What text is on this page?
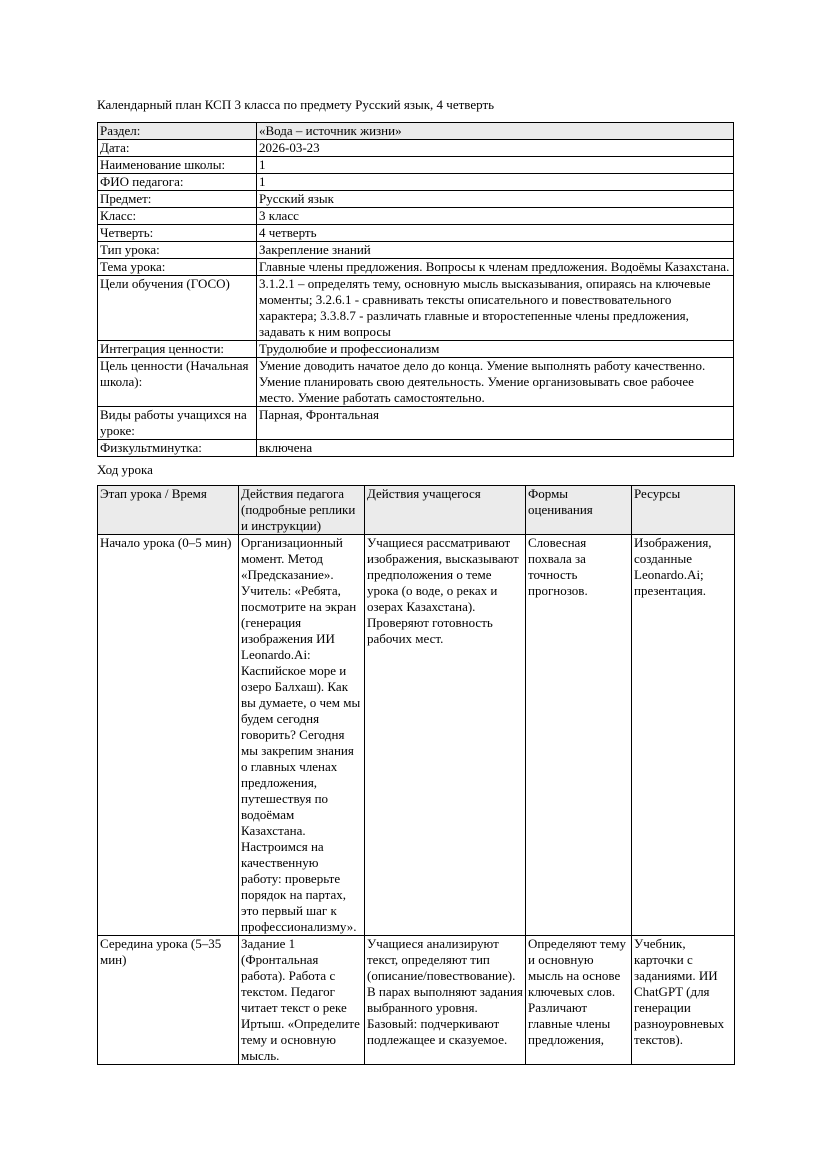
Календарный план КСП 3 класса по предмету Русский язык, 4 четверть

Раздел:	«Вода – источник жизни»
Дата:	2026-03-23
Наименование школы:	1
ФИО педагога:	1
Предмет:	Русский язык
Класс:	3 класс
Четверть:	4 четверть
Тип урока:	Закрепление знаний
Тема урока:	Главные члены предложения. Вопросы к членам предложения. Водоёмы Казахстана.
Цели обучения (ГОСО)	3.1.2.1 – определять тему, основную мысль высказывания, опираясь на ключевые моменты; 3.2.6.1 - сравнивать тексты описательного и повествовательного характера; 3.3.8.7 - различать главные и второстепенные члены предложения, задавать к ним вопросы
Интеграция ценности:	Трудолюбие и профессионализм
Цель ценности (Начальная школа):	Умение доводить начатое дело до конца. Умение выполнять работу качественно. Умение планировать свою деятельность. Умение организовывать свое рабочее место. Умение работать самостоятельно.
Виды работы учащихся на уроке:	Парная, Фронтальная
Физкультминутка:	включена

Ход урока

Этап урока / Время	Действия педагога (подробные реплики и инструкции)	Действия учащегося	Формы оценивания	Ресурсы
Начало урока (0–5 мин)	Организационный момент. Метод «Предсказание». Учитель: «Ребята, посмотрите на экран (генерация изображения ИИ Leonardo.Ai: Каспийское море и озеро Балхаш). Как вы думаете, о чем мы будем сегодня говорить? Сегодня мы закрепим знания о главных членах предложения, путешествуя по водоёмам Казахстана. Настроимся на качественную работу: проверьте порядок на партах, это первый шаг к профессионализму».	Учащиеся рассматривают изображения, высказывают предположения о теме урока (о воде, о реках и озерах Казахстана). Проверяют готовность рабочих мест.	Словесная похвала за точность прогнозов.	Изображения, созданные Leonardo.Ai; презентация.
Середина урока (5–35 мин)	Задание 1 (Фронтальная работа). Работа с текстом. Педагог читает текст о реке Иртыш. «Определите тему и основную мысль.	Учащиеся анализируют текст, определяют тип (описание/повествование). В парах выполняют задания выбранного уровня. Базовый: подчеркивают подлежащее и сказуемое.	Определяют тему и основную мысль на основе ключевых слов. Различают главные члены предложения,	Учебник, карточки с заданиями. ИИ ChatGPT (для генерации разноуровневых текстов).
